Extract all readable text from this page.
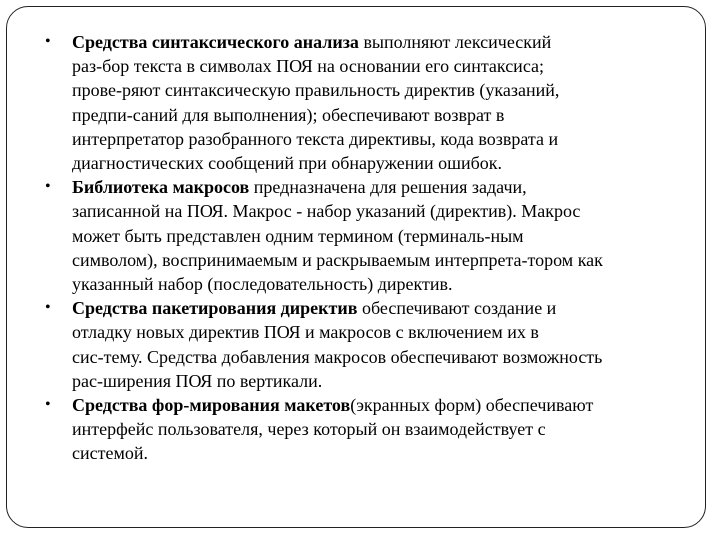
• Средства синтаксического анализа выполняют лексический
раз-бор текста в символах ПОЯ на основании его синтаксиса;
прове-ряют синтаксическую правильность директив (указаний,
предпи-саний для выполнения); обеспечивают возврат в
интерпретатор разобранного текста директивы, кода возврата и
диагностических сообщений при обнаружении ошибок.
• Библиотека макросов предназначена для решения задачи,
записанной на ПОЯ. Макрос - набор указаний (директив). Макрос
может быть представлен одним термином (терминаль-ным
символом), воспринимаемым и раскрываемым интерпрета-тором как
указанный набор (последовательность) директив.
• Средства пакетирования директив обеспечивают создание и
отладку новых директив ПОЯ и макросов с включением их в
сис-тему. Средства добавления макросов обеспечивают возможность
рас-ширения ПОЯ по вертикали.
• Средства фор-мирования макетов(экранных форм) обеспечивают
интерфейс пользователя, через который он взаимодействует с
системой.
